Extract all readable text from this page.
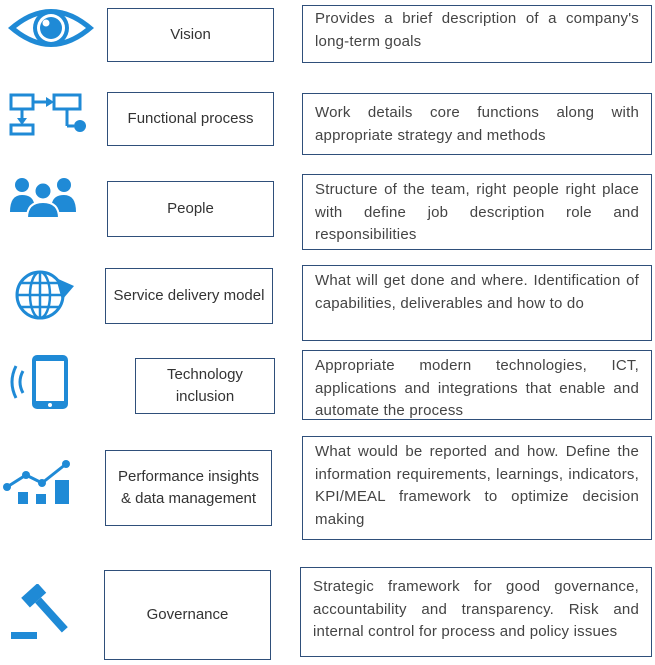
Vision
Provides a brief description of a company's long-term goals
Functional process	Work details core functions along with appropriate strategy and methods
People
Structure of the team, right people right place with define job description role and responsibilities
Service delivery model
What will get done and where. Identification of capabilities, deliverables and how to do
Technology inclusion
Appropriate modern technologies, ICT, applications and integrations that enable and automate the process
Performance insights & data management
What would be reported and how. Define the information requirements, learnings, indicators, KPI/MEAL framework to optimize decision making
Governance
Strategic framework for good governance, accountability and transparency. Risk and internal control for process and policy issues
